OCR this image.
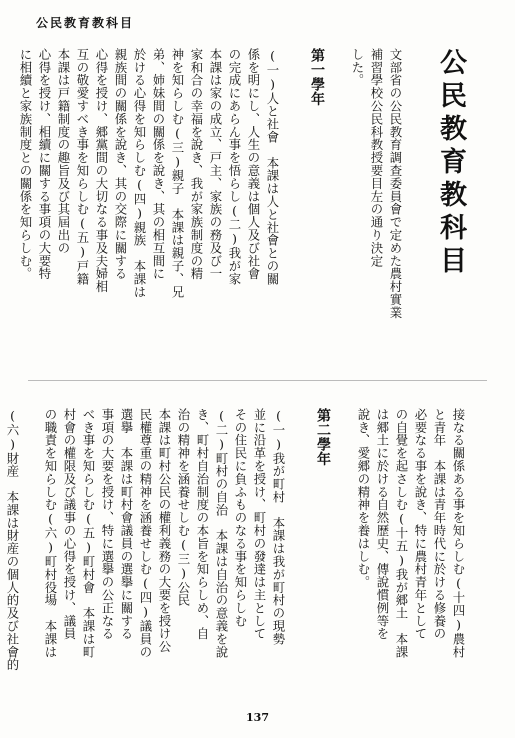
公民教育教科目

公民教育教科目

文部省の公民教育調查委員會で定めた農村實業
補習學校公民科教授要目左の通り決定
した。

第一學年

(一)人と社會　本課は人と社會との關
係を明にし、人生の意義は個人及び社會
の完成にあらん事を悟らし(二)我が家
本課は家の成立、戸主、家族の務及び一
家和合の幸福を說き、我が家族制度の精
神を知らしむ(三)親子　本課は親子、兄
弟、姉妹間の關係を說き、其の相互間に
於ける心得を知らしむ(四)親族　本課は
親族間の關係を說き、其の交際に關する
心得を授け、郷黨間の大切なる事及夫婦相
互の敬愛すべき事を知らしむ(五)戸籍
本課は戸籍制度の趣旨及び其屆出の
心得を授け、相續に關する事項の大要特
に相續と家族制度との關係を知らしむ。

接なる關係ある事を知らしむ(十四)農村
と青年　本課は青年時代に於ける修養の
必要なる事を說き、特に農村青年として
の自覺を起さしむ(十五)我が郷土　本課
は郷土に於ける自然歷史、傳說慣例等を
說き、愛郷の精神を養はしむ。

第二學年

(一)我が町村　本課は我が町村の現勢
並に沿革を授け、町村の發達は主として
その住民に負ふものなる事を知らしむ
(二)町村の自治　本課は自治の意義を說
き、町村自治制度の本旨を知らしめ、自
治の精神を涵養せしむ(三)公民
本課は町村公民の權利義務の大要を授け公
民權尊重の精神を涵養せしむ(四)議員の
選擧　本課は町村會議員の選擧に關する
事項の大要を授け、特に選擧の公正なる
べき事を知らしむ(五)町村會　本課は町
村會の權限及び議事の心得を授け、議員
の職責を知らしむ(六)町村役場　本課は

(六)財産　本課は財産の個人的及び社會的

137
